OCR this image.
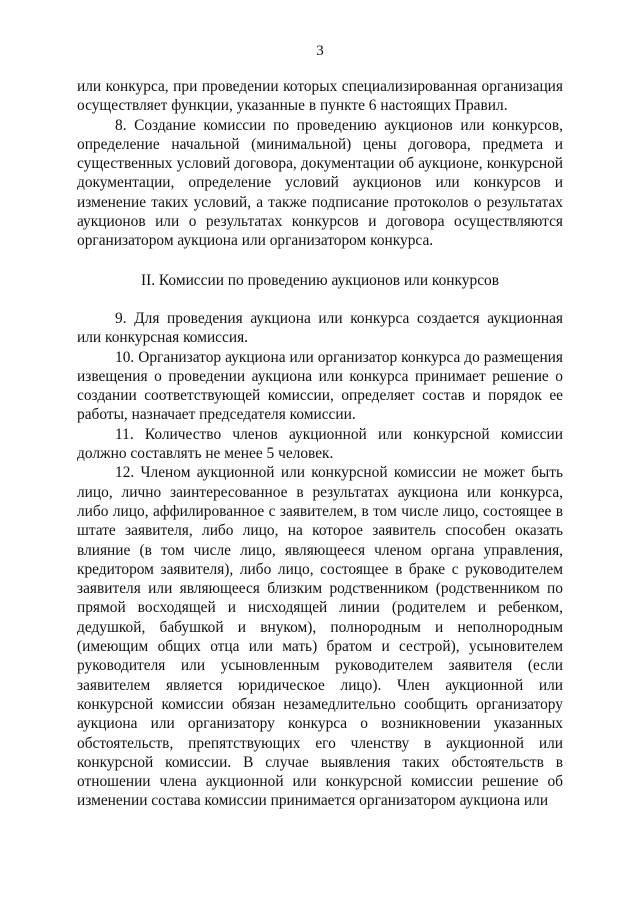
3

или конкурса, при проведении которых специализированная организация осуществляет функции, указанные в пункте 6 настоящих Правил.

8. Создание комиссии по проведению аукционов или конкурсов, определение начальной (минимальной) цены договора, предмета и существенных условий договора, документации об аукционе, конкурсной документации, определение условий аукционов или конкурсов и изменение таких условий, а также подписание протоколов о результатах аукционов или о результатах конкурсов и договора осуществляются организатором аукциона или организатором конкурса.

II. Комиссии по проведению аукционов или конкурсов

9. Для проведения аукциона или конкурса создается аукционная или конкурсная комиссия.

10. Организатор аукциона или организатор конкурса до размещения извещения о проведении аукциона или конкурса принимает решение о создании соответствующей комиссии, определяет состав и порядок ее работы, назначает председателя комиссии.

11. Количество членов аукционной или конкурсной комиссии должно составлять не менее 5 человек.

12. Членом аукционной или конкурсной комиссии не может быть лицо, лично заинтересованное в результатах аукциона или конкурса, либо лицо, аффилированное с заявителем, в том числе лицо, состоящее в штате заявителя, либо лицо, на которое заявитель способен оказать влияние (в том числе лицо, являющееся членом органа управления, кредитором заявителя), либо лицо, состоящее в браке с руководителем заявителя или являющееся близким родственником (родственником по прямой восходящей и нисходящей линии (родителем и ребенком, дедушкой, бабушкой и внуком), полнородным и неполнородным (имеющим общих отца или мать) братом и сестрой), усыновителем руководителя или усыновленным руководителем заявителя (если заявителем является юридическое лицо). Член аукционной или конкурсной комиссии обязан незамедлительно сообщить организатору аукциона или организатору конкурса о возникновении указанных обстоятельств, препятствующих его членству в аукционной или конкурсной комиссии. В случае выявления таких обстоятельств в отношении члена аукционной или конкурсной комиссии решение об изменении состава комиссии принимается организатором аукциона или
